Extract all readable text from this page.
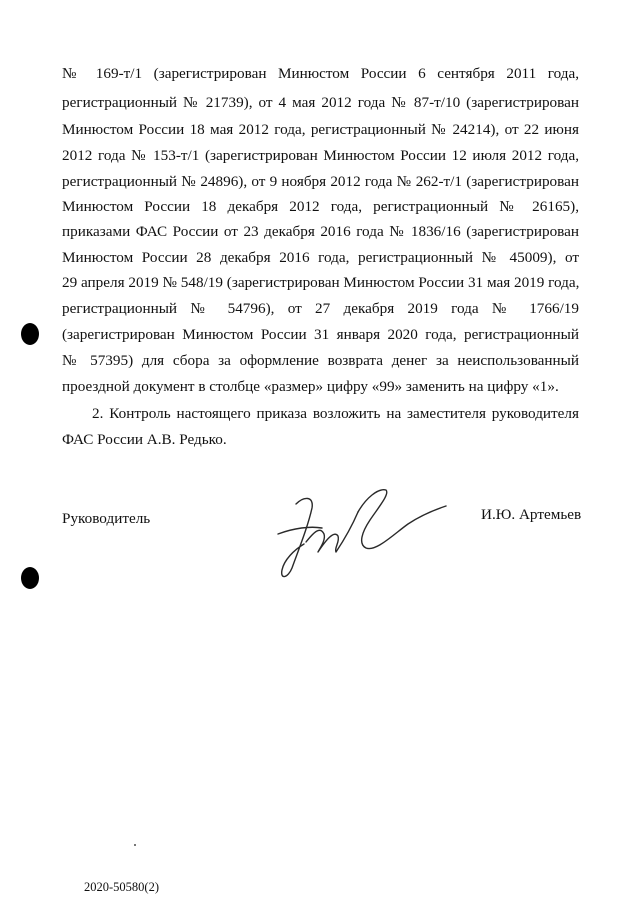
№ 169-т/1 (зарегистрирован Минюстом России 6 сентября 2011 года,
регистрационный № 21739), от 4 мая 2012 года № 87-т/10 (зарегистрирован
Минюстом России 18 мая 2012 года, регистрационный № 24214), от 22 июня
2012 года № 153-т/1 (зарегистрирован Минюстом России 12 июля 2012 года,
регистрационный № 24896), от 9 ноября 2012 года № 262-т/1 (зарегистрирован
Минюстом России 18 декабря 2012 года, регистрационный № 26165),
приказами ФАС России от 23 декабря 2016 года № 1836/16 (зарегистрирован
Минюстом России 28 декабря 2016 года, регистрационный № 45009), от
29 апреля 2019 № 548/19 (зарегистрирован Минюстом России 31 мая 2019 года,
регистрационный № 54796), от 27 декабря 2019 года № 1766/19
(зарегистрирован Минюстом России 31 января 2020 года, регистрационный
№ 57395) для сбора за оформление возврата денег за неиспользованный
проездной документ в столбце «размер» цифру «99» заменить на цифру «1».
2. Контроль настоящего приказа возложить на заместителя руководителя
ФАС России А.В. Редько.
Руководитель	И.Ю. Артемьев
2020-50580(2)
